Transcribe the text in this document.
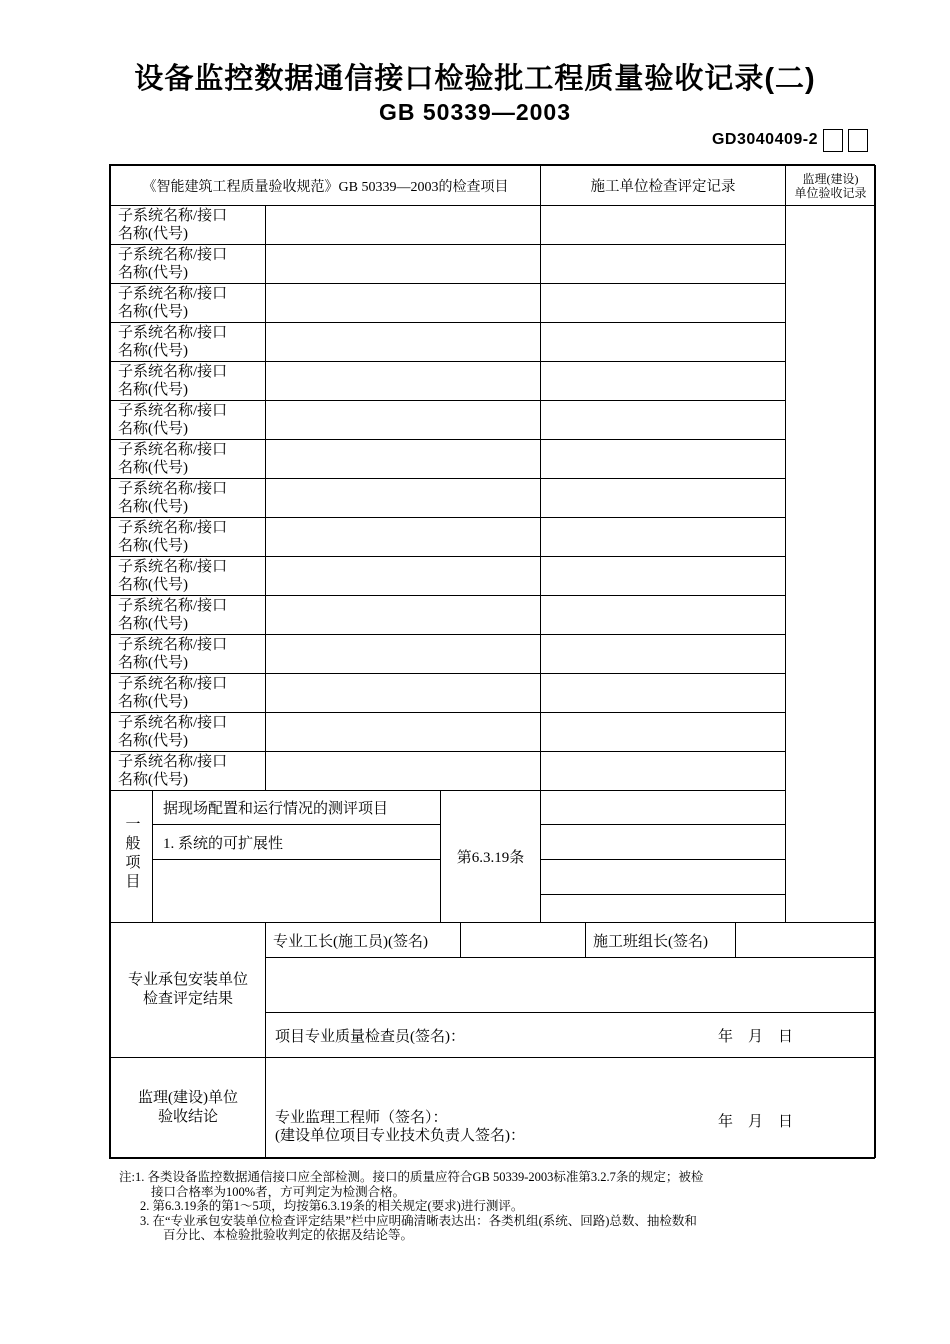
设备监控数据通信接口检验批工程质量验收记录(二)
GB 50339—2003
GD3040409-2
《智能建筑工程质量验收规范》GB 50339—2003的检查项目				施工单位检查评定记录	监理(建设)
单位验收记录
子系统名称/接口
名称(代号)					
子系统名称/接口
名称(代号)					
子系统名称/接口
名称(代号)					
子系统名称/接口
名称(代号)					
子系统名称/接口
名称(代号)					
子系统名称/接口
名称(代号)					
子系统名称/接口
名称(代号)					
子系统名称/接口
名称(代号)					
子系统名称/接口
名称(代号)					
子系统名称/接口
名称(代号)					
子系统名称/接口
名称(代号)					
子系统名称/接口
名称(代号)					
子系统名称/接口
名称(代号)					
子系统名称/接口
名称(代号)					
子系统名称/接口
名称(代号)					
一般项目	据现场配置和运行情况的测评项目		第6.3.19条		
	1. 系统的可扩展性				

专业承包安装单位
检查评定结果	专业工长(施工员)(签名)		施工班组长(签名)	

项目专业质量检查员(签名)：	年　月　日
监理(建设)单位
验收结论	专业监理工程师（签名）：
(建设单位项目专业技术负责人签名)：
年　月　日
注:1. 各类设备监控数据通信接口应全部检测。接口的质量应符合GB 50339-2003标准第3.2.7条的规定；被检
接口合格率为100%者，方可判定为检测合格。
2. 第6.3.19条的第1～5项，均按第6.3.19条的相关规定(要求)进行测评。
3. 在“专业承包安装单位检查评定结果”栏中应明确清晰表达出：各类机组(系统、回路)总数、抽检数和
百分比、本检验批验收判定的依据及结论等。
